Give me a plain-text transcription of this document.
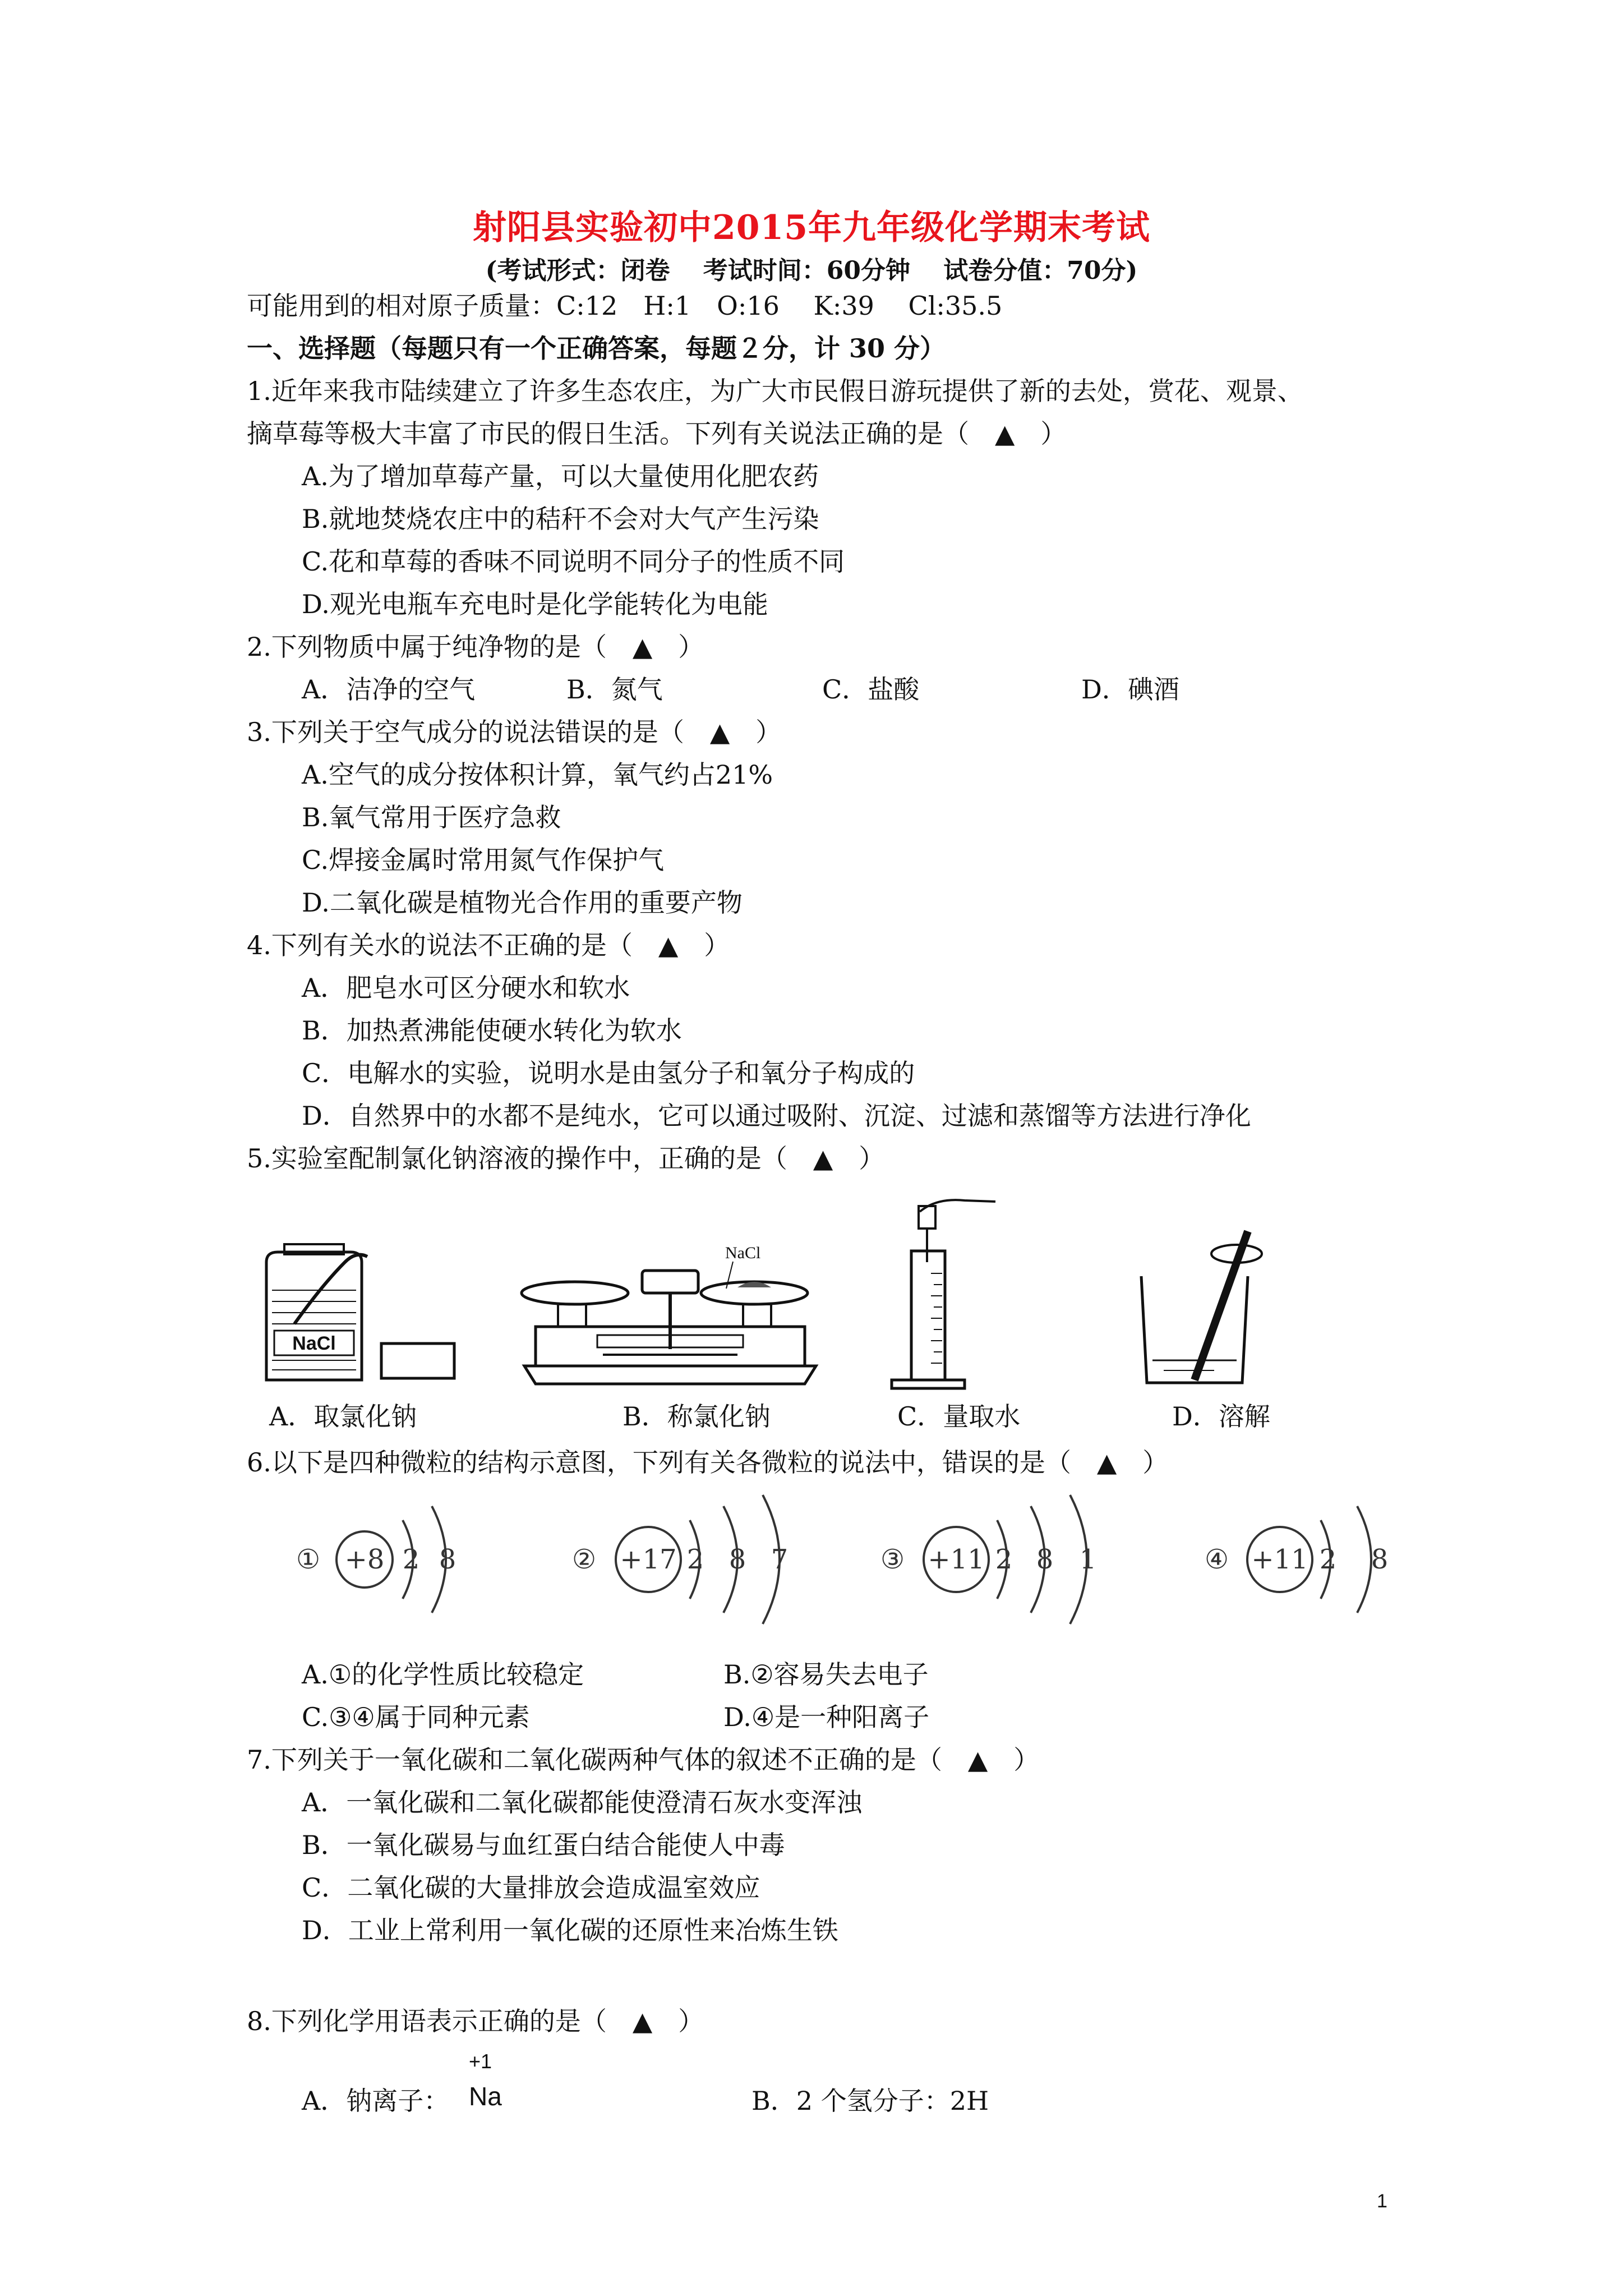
射阳县实验初中2015年九年级化学期末考试
(考试形式：闭卷　 考试时间：60分钟　 试卷分值：70分)
可能用到的相对原子质量：C:12　H:1　O:16　 K:39　 Cl:35.5
一、选择题（每题只有一个正确答案，每题２分，计 30 分）
1.近年来我市陆续建立了许多生态农庄，为广大市民假日游玩提供了新的去处，赏花、观景、
摘草莓等极大丰富了市民的假日生活。下列有关说法正确的是（　▲　）
A.为了增加草莓产量，可以大量使用化肥农药
B.就地焚烧农庄中的秸秆不会对大气产生污染
C.花和草莓的香味不同说明不同分子的性质不同
D.观光电瓶车充电时是化学能转化为电能
2.下列物质中属于纯净物的是（　▲　）
A．洁净的空气	B．氮气	C．盐酸	D．碘酒
3.下列关于空气成分的说法错误的是（　▲　）
A.空气的成分按体积计算，氧气约占21%
B.氧气常用于医疗急救
C.焊接金属时常用氮气作保护气
D.二氧化碳是植物光合作用的重要产物
4.下列有关水的说法不正确的是（　▲　）
A．肥皂水可区分硬水和软水
B．加热煮沸能使硬水转化为软水
C．电解水的实验，说明水是由氢分子和氧分子构成的
D．自然界中的水都不是纯水，它可以通过吸附、沉淀、过滤和蒸馏等方法进行净化
5.实验室配制氯化钠溶液的操作中，正确的是（　▲　）
NaCl
NaCl
A．取氯化钠	B．称氯化钠	C．量取水	D．溶解
6.以下是四种微粒的结构示意图，下列有关各微粒的说法中，错误的是（　▲　）
① +8 2 8	② +17 2 8 7	③ +11 2 8 1	④ +11 2 8
A.①的化学性质比较稳定	B.②容易失去电子
C.③④属于同种元素	D.④是一种阳离子
7.下列关于一氧化碳和二氧化碳两种气体的叙述不正确的是（　▲　）
A．一氧化碳和二氧化碳都能使澄清石灰水变浑浊
B．一氧化碳易与血红蛋白结合能使人中毒
C．二氧化碳的大量排放会造成温室效应
D．工业上常利用一氧化碳的还原性来冶炼生铁
8.下列化学用语表示正确的是（　▲　）
A．钠离子：
+1
Na	B．2 个氢分子：2H
1
